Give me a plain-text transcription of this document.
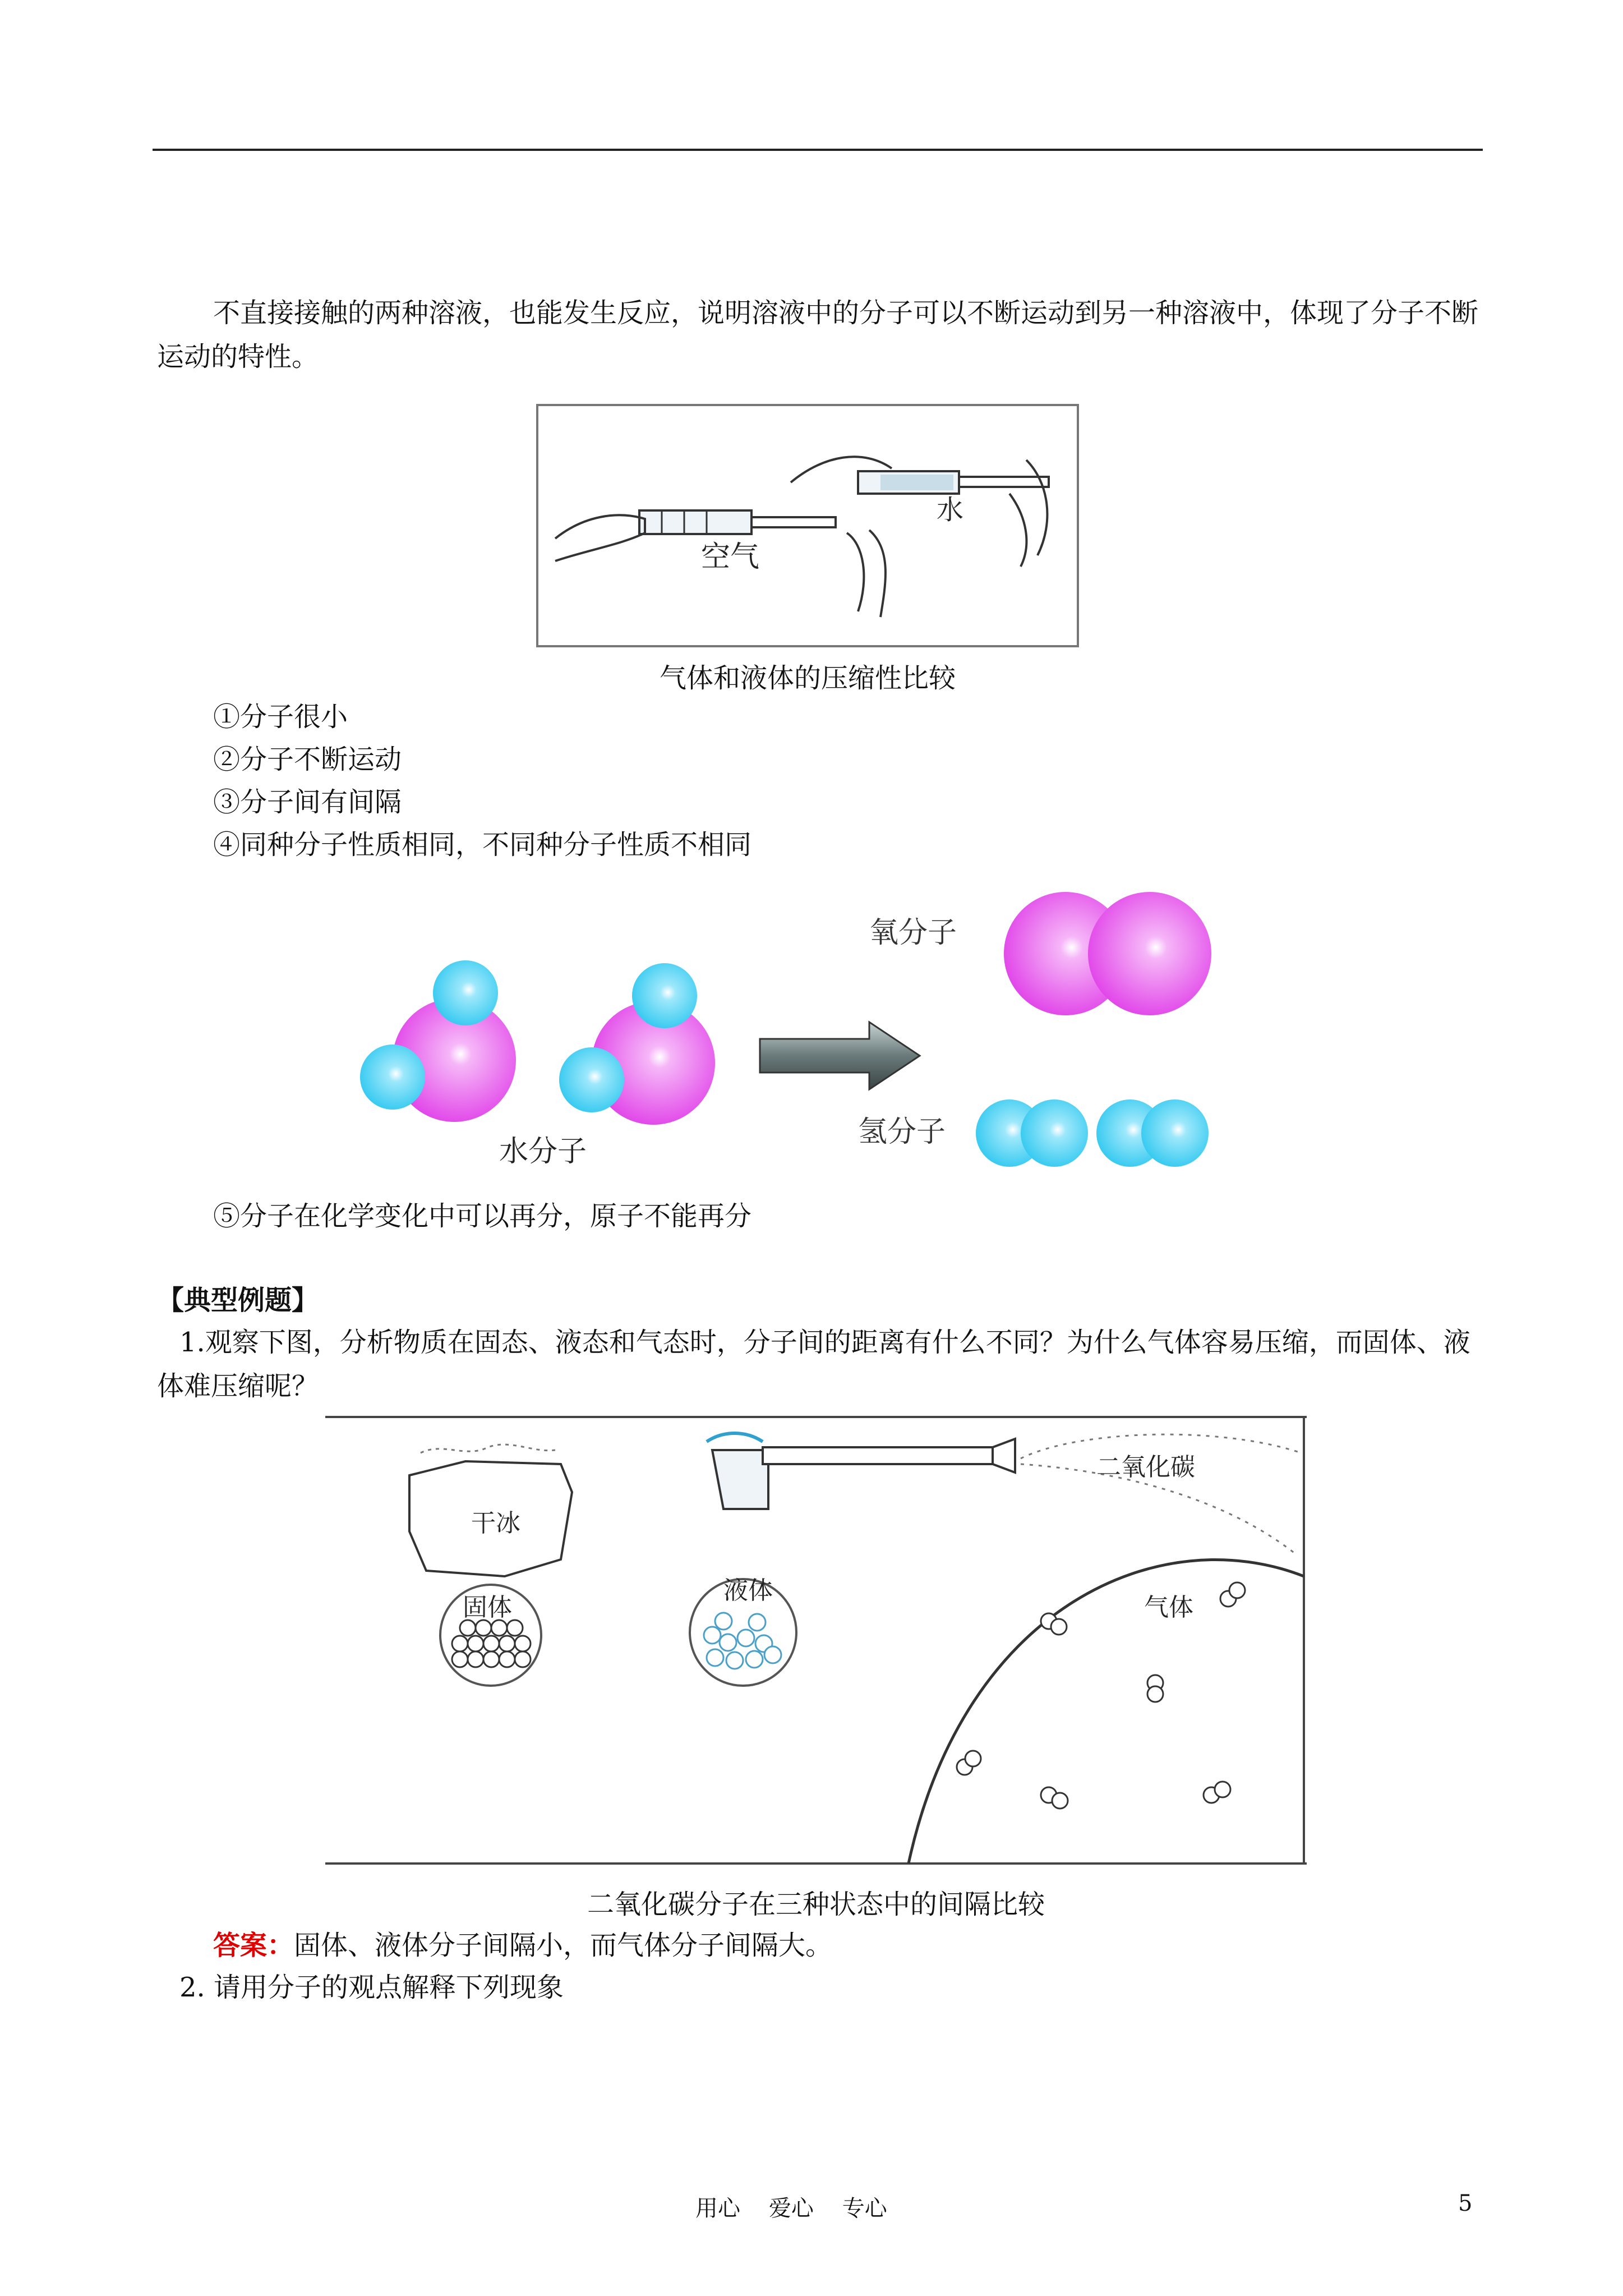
不直接接触的两种溶液，也能发生反应，说明溶液中的分子可以不断运动到另一种溶液中，体现了分子不断运动的特性。
空气
水
气体和液体的压缩性比较
①分子很小
②分子不断运动
③分子间有间隔
④同种分子性质相同，不同种分子性质不相同
水分子
氧分子
氢分子
⑤分子在化学变化中可以再分，原子不能再分
【典型例题】
1.观察下图，分析物质在固态、液态和气态时，分子间的距离有什么不同？为什么气体容易压缩，而固体、液体难压缩呢？
干冰
固体
液体
二氧化碳
气体
二氧化碳分子在三种状态中的间隔比较
答案：固体、液体分子间隔小，而气体分子间隔大。
2. 请用分子的观点解释下列现象
用心    爱心    专心	5
